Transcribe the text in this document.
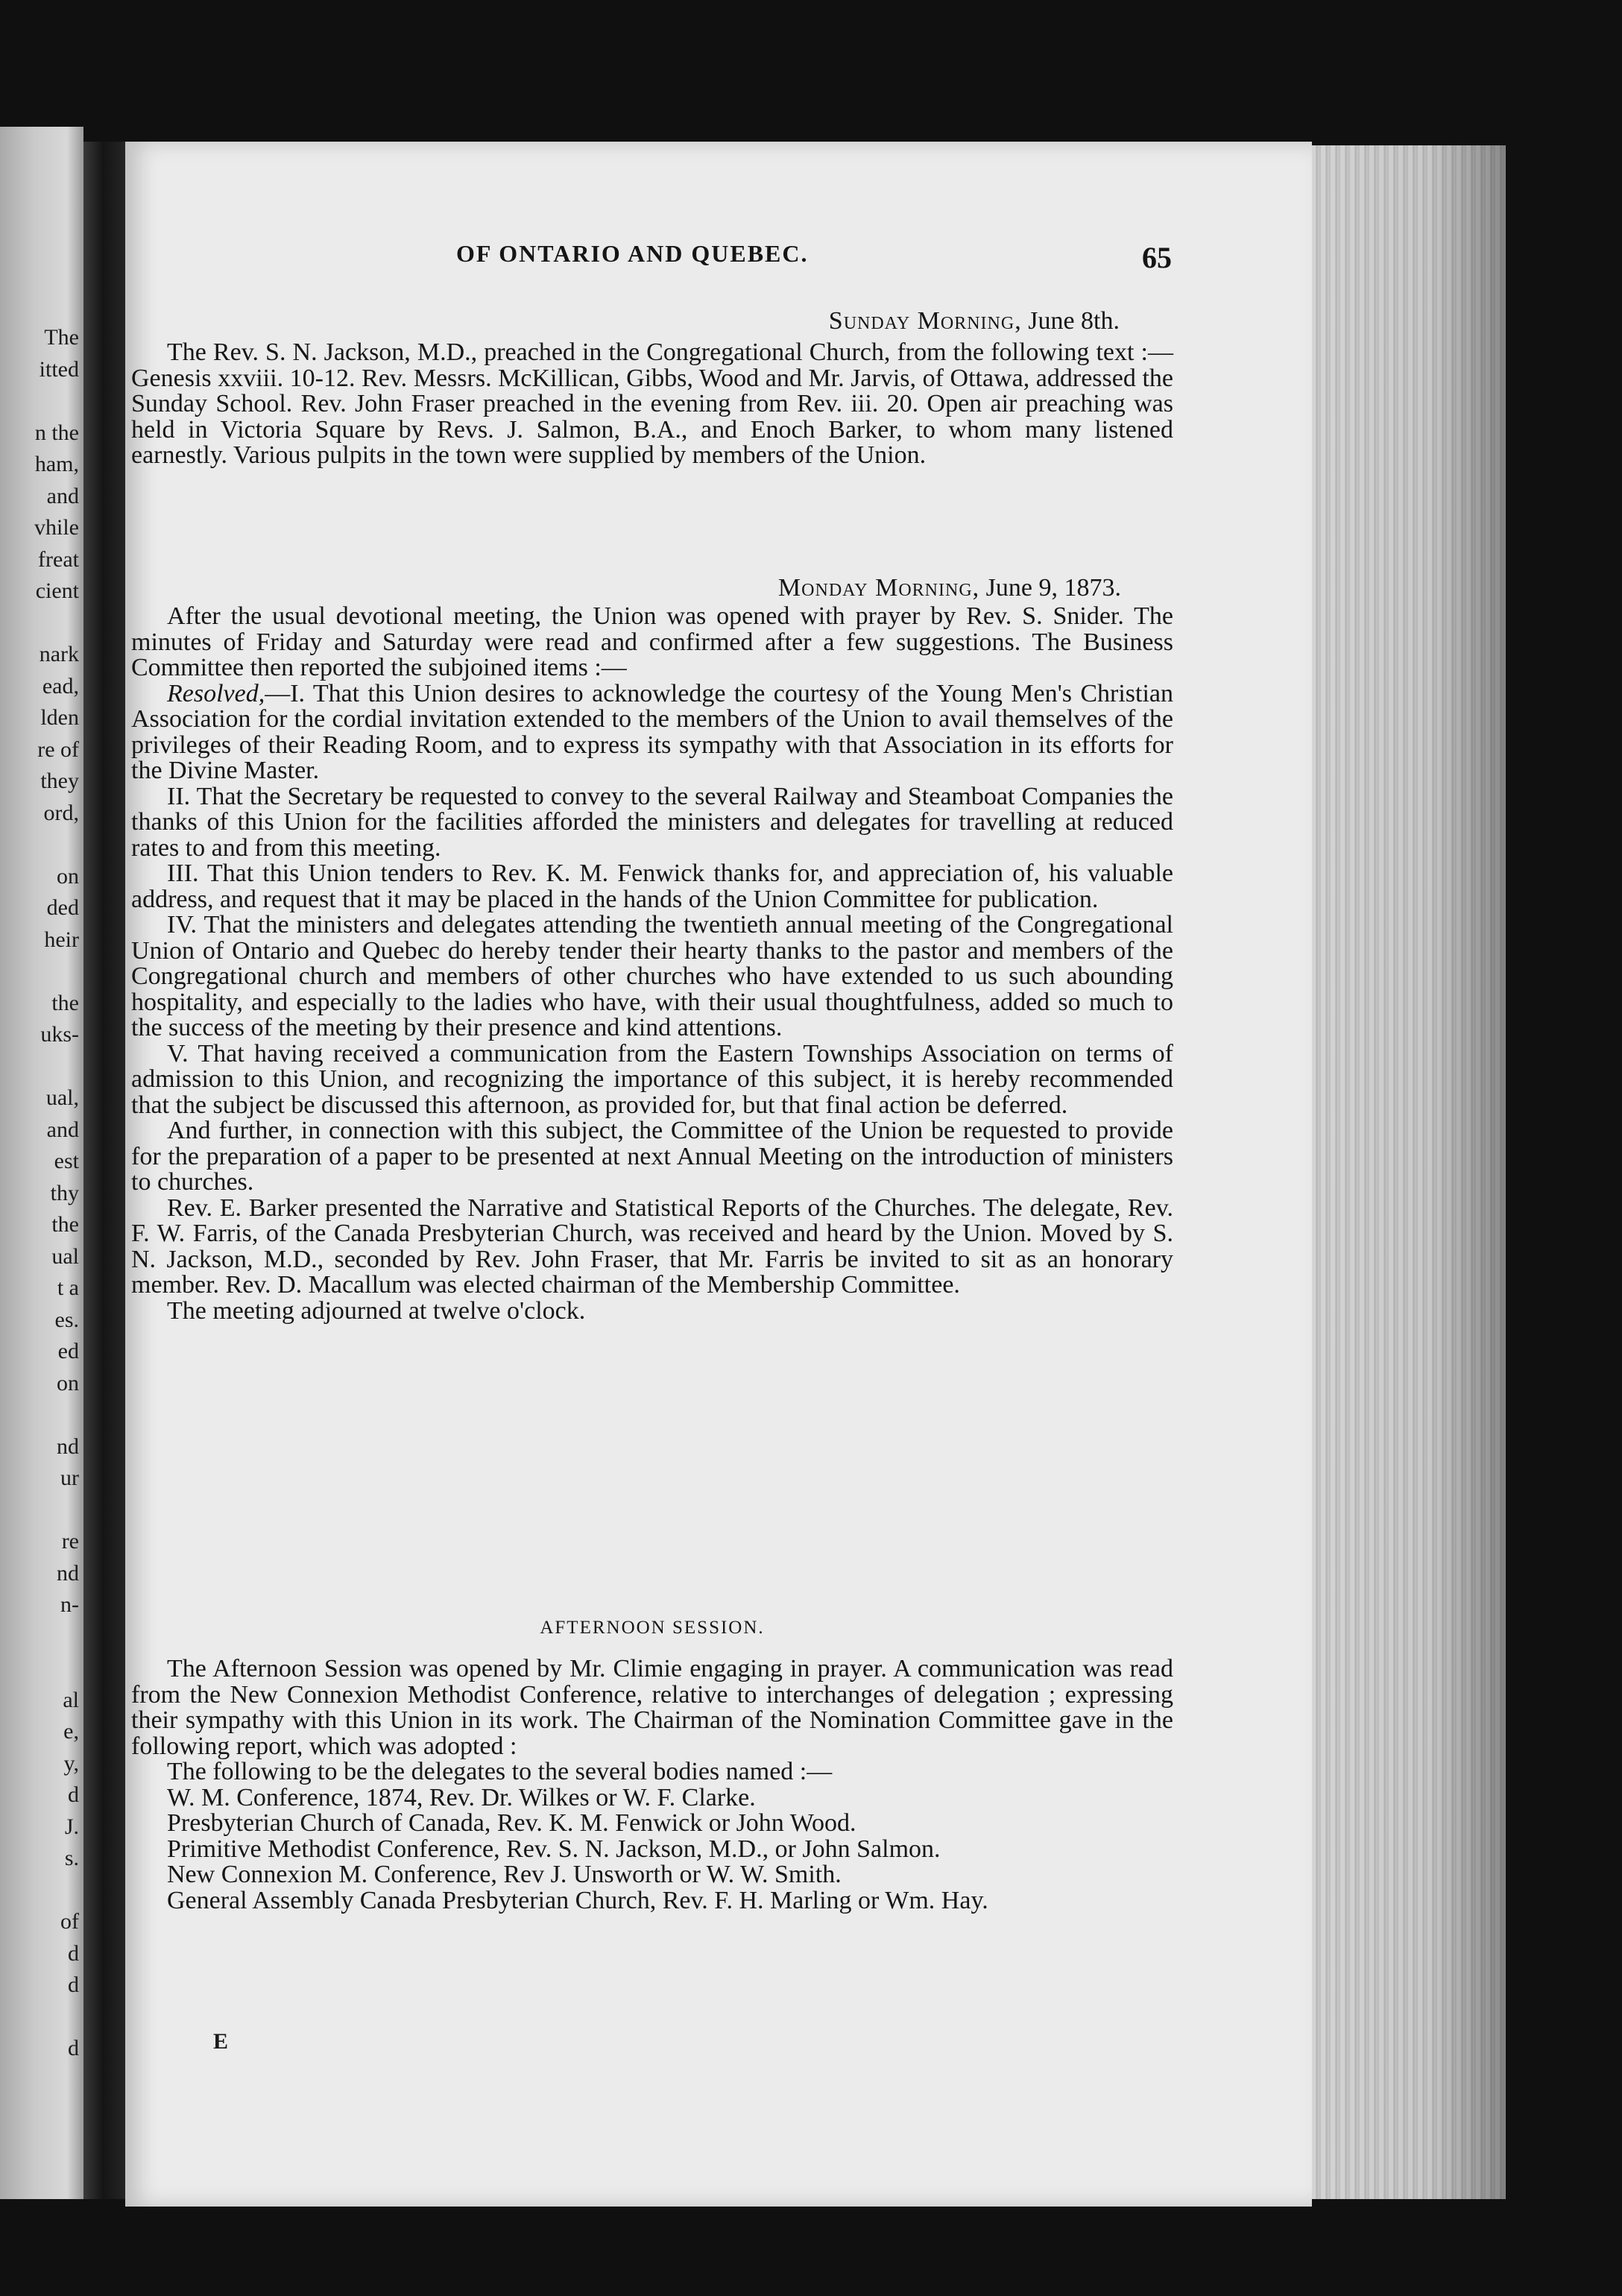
The
itted
n the
ham,
and
vhile
freat
cient
nark
ead,
lden
re of
they
ord,
on
ded
heir
the
uks-
ual,
and
est
thy
the
ual
t a
es.
ed
on
nd
ur
re
nd
n-
al
e,
y,
d
J.
s.
of
d
d
d
OF ONTARIO AND QUEBEC.	65
Sunday Morning, June 8th.

The Rev. S. N. Jackson, M.D., preached in the Congregational Church, from the following text :—Genesis xxviii. 10-12. Rev. Messrs. McKillican, Gibbs, Wood and Mr. Jarvis, of Ottawa, addressed the Sunday School. Rev. John Fraser preached in the evening from Rev. iii. 20. Open air preaching was held in Victoria Square by Revs. J. Salmon, B.A., and Enoch Barker, to whom many listened earnestly. Various pulpits in the town were supplied by members of the Union.

Monday Morning, June 9, 1873.

After the usual devotional meeting, the Union was opened with prayer by Rev. S. Snider. The minutes of Friday and Saturday were read and confirmed after a few suggestions. The Business Committee then reported the subjoined items :—

Resolved,—I. That this Union desires to acknowledge the courtesy of the Young Men's Christian Association for the cordial invitation extended to the members of the Union to avail themselves of the privileges of their Reading Room, and to express its sympathy with that Association in its efforts for the Divine Master.

II. That the Secretary be requested to convey to the several Railway and Steamboat Companies the thanks of this Union for the facilities afforded the ministers and delegates for travelling at reduced rates to and from this meeting.

III. That this Union tenders to Rev. K. M. Fenwick thanks for, and appreciation of, his valuable address, and request that it may be placed in the hands of the Union Committee for publication.

IV. That the ministers and delegates attending the twentieth annual meeting of the Congregational Union of Ontario and Quebec do hereby tender their hearty thanks to the pastor and members of the Congregational church and members of other churches who have extended to us such abounding hospitality, and especially to the ladies who have, with their usual thoughtfulness, added so much to the success of the meeting by their presence and kind attentions.

V. That having received a communication from the Eastern Townships Association on terms of admission to this Union, and recognizing the importance of this subject, it is hereby recommended that the subject be discussed this afternoon, as provided for, but that final action be deferred.

And further, in connection with this subject, the Committee of the Union be requested to provide for the preparation of a paper to be presented at next Annual Meeting on the introduction of ministers to churches.

Rev. E. Barker presented the Narrative and Statistical Reports of the Churches. The delegate, Rev. F. W. Farris, of the Canada Presbyterian Church, was received and heard by the Union. Moved by S. N. Jackson, M.D., seconded by Rev. John Fraser, that Mr. Farris be invited to sit as an honorary member. Rev. D. Macallum was elected chairman of the Membership Committee.

The meeting adjourned at twelve o'clock.

AFTERNOON SESSION.

The Afternoon Session was opened by Mr. Climie engaging in prayer. A communication was read from the New Connexion Methodist Conference, relative to interchanges of delegation ; expressing their sympathy with this Union in its work. The Chairman of the Nomination Committee gave in the following report, which was adopted :

The following to be the delegates to the several bodies named :—

W. M. Conference, 1874, Rev. Dr. Wilkes or W. F. Clarke.

Presbyterian Church of Canada, Rev. K. M. Fenwick or John Wood.

Primitive Methodist Conference, Rev. S. N. Jackson, M.D., or John Salmon.

New Connexion M. Conference, Rev J. Unsworth or W. W. Smith.

General Assembly Canada Presbyterian Church, Rev. F. H. Marling or Wm. Hay.

E
